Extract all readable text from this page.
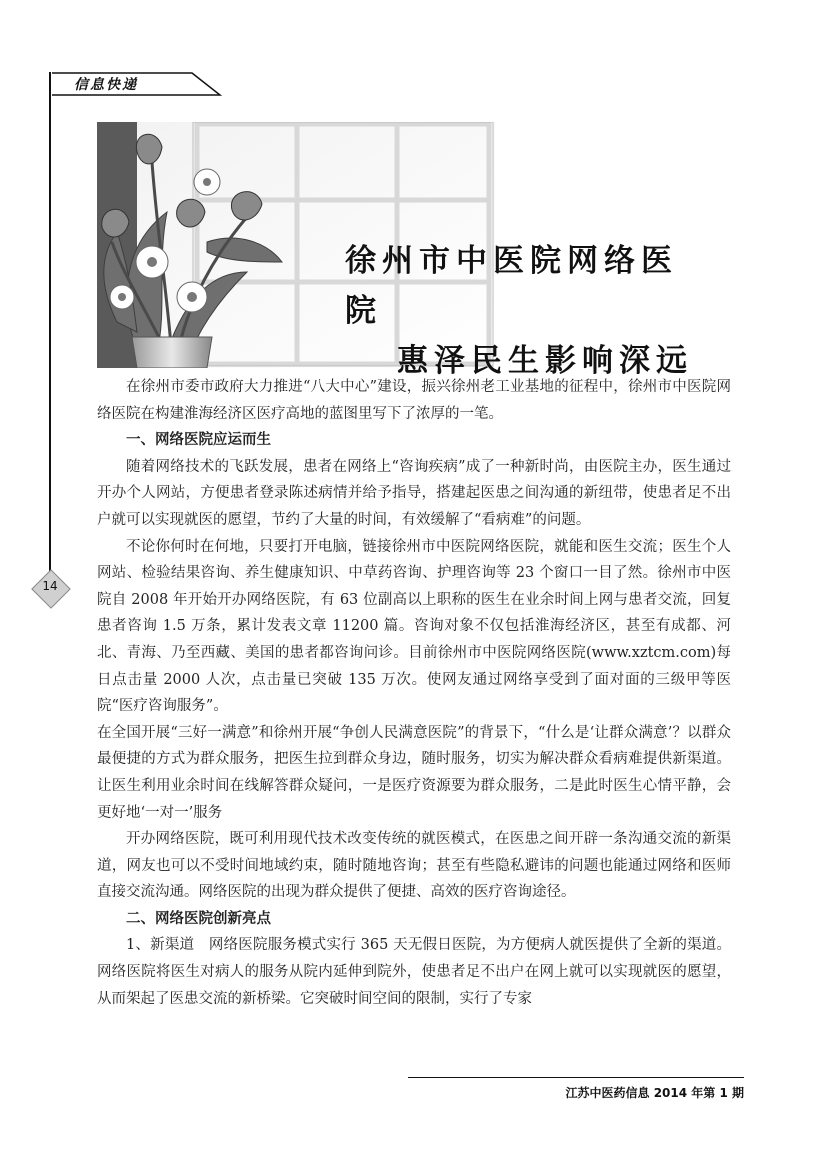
信息快递
14
徐州市中医院网络医院
惠泽民生影响深远

在徐州市委市政府大力推进“八大中心”建设，振兴徐州老工业基地的征程中，徐州市中医院网络医院在构建淮海经济区医疗高地的蓝图里写下了浓厚的一笔。

一、网络医院应运而生

随着网络技术的飞跃发展，患者在网络上“咨询疾病”成了一种新时尚，由医院主办，医生通过开办个人网站，方便患者登录陈述病情并给予指导，搭建起医患之间沟通的新纽带，使患者足不出户就可以实现就医的愿望，节约了大量的时间，有效缓解了“看病难”的问题。

不论你何时在何地，只要打开电脑，链接徐州市中医院网络医院，就能和医生交流；医生个人网站、检验结果咨询、养生健康知识、中草药咨询、护理咨询等 23 个窗口一目了然。徐州市中医院自 2008 年开始开办网络医院，有 63 位副高以上职称的医生在业余时间上网与患者交流，回复患者咨询 1.5 万条，累计发表文章 11200 篇。咨询对象不仅包括淮海经济区，甚至有成都、河北、青海、乃至西藏、美国的患者都咨询问诊。目前徐州市中医院网络医院(www.xztcm.com)每日点击量 2000 人次，点击量已突破 135 万次。使网友通过网络享受到了面对面的三级甲等医院“医疗咨询服务”。

在全国开展“三好一满意”和徐州开展“争创人民满意医院”的背景下，“什么是‘让群众满意’？以群众最便捷的方式为群众服务，把医生拉到群众身边，随时服务，切实为解决群众看病难提供新渠道。让医生利用业余时间在线解答群众疑问，一是医疗资源要为群众服务，二是此时医生心情平静，会更好地‘一对一’服务

开办网络医院，既可利用现代技术改变传统的就医模式，在医患之间开辟一条沟通交流的新渠道，网友也可以不受时间地域约束，随时随地咨询；甚至有些隐私避讳的问题也能通过网络和医师直接交流沟通。网络医院的出现为群众提供了便捷、高效的医疗咨询途径。

二、网络医院创新亮点

1、新渠道　网络医院服务模式实行 365 天无假日医院，为方便病人就医提供了全新的渠道。网络医院将医生对病人的服务从院内延伸到院外，使患者足不出户在网上就可以实现就医的愿望，从而架起了医患交流的新桥梁。它突破时间空间的限制，实行了专家

江苏中医药信息 2014 年第 1 期
